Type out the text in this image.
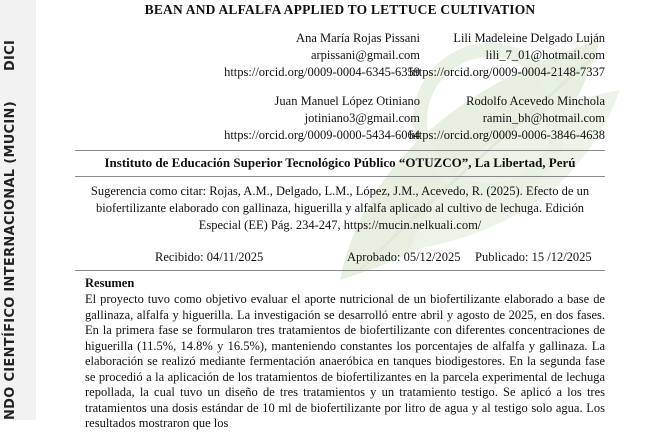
NDO CIENTÍFICO INTERNACIONAL (MUCIN)DICI
BEAN AND ALFALFA APPLIED TO LETTUCE CULTIVATION
Ana María Rojas Pissani
arpissani@gmail.com
https://orcid.org/0009-0004-6345-6359
Lili Madeleine Delgado Luján
lili_7_01@hotmail.com
https://orcid.org/0009-0004-2148-7337
Juan Manuel López Otiniano
jotiniano3@gmail.com
https://orcid.org/0009-0000-5434-6064
Rodolfo Acevedo Minchola
ramin_bh@hotmail.com
https://orcid.org/0009-0006-3846-4638
Instituto de Educación Superior Tecnológico Público “OTUZCO”, La Libertad, Perú
Sugerencia como citar: Rojas, A.M., Delgado, L.M., López, J.M., Acevedo, R. (2025). Efecto de un biofertilizante elaborado con gallinaza, higuerilla y alfalfa aplicado al cultivo de lechuga. Edición Especial (EE) Pág. 234-247, https://mucin.nelkuali.com/
Recibido: 04/11/2025	Aprobado: 05/12/2025 Publicado: 15 /12/2025
Resumen
El proyecto tuvo como objetivo evaluar el aporte nutricional de un biofertilizante elaborado a base de gallinaza, alfalfa y higuerilla. La investigación se desarrolló entre abril y agosto de 2025, en dos fases. En la primera fase se formularon tres tratamientos de biofertilizante con diferentes concentraciones de higuerilla (11.5%, 14.8% y 16.5%), manteniendo constantes los porcentajes de alfalfa y gallinaza. La elaboración se realizó mediante fermentación anaeróbica en tanques biodigestores. En la segunda fase se procedió a la aplicación de los tratamientos de biofertilizantes en la parcela experimental de lechuga repollada, la cual tuvo un diseño de tres tratamientos y un tratamiento testigo. Se aplicó a los tres tratamientos una dosis estándar de 10 ml de biofertilizante por litro de agua y al testigo solo agua. Los resultados mostraron que los
